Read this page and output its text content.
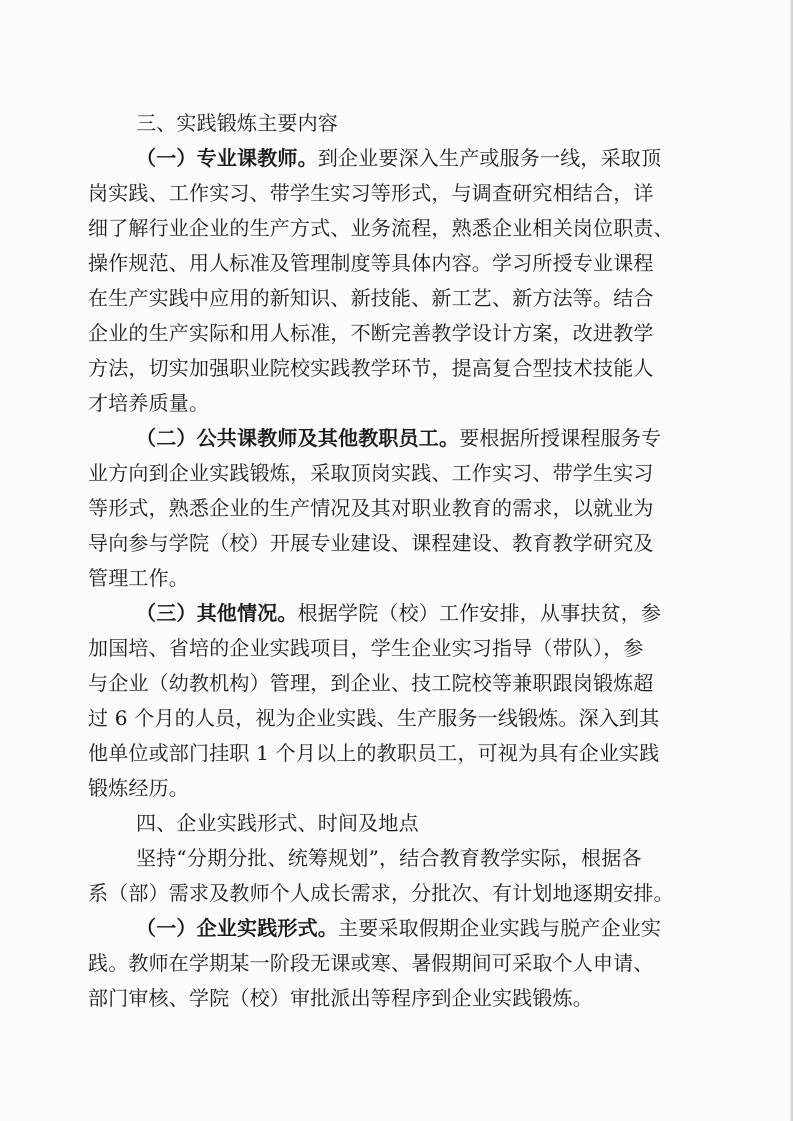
三、实践锻炼主要内容
（一）专业课教师。到企业要深入生产或服务一线，采取顶
岗实践、工作实习、带学生实习等形式，与调查研究相结合，详
细了解行业企业的生产方式、业务流程，熟悉企业相关岗位职责、
操作规范、用人标准及管理制度等具体内容。学习所授专业课程
在生产实践中应用的新知识、新技能、新工艺、新方法等。结合
企业的生产实际和用人标准，不断完善教学设计方案，改进教学
方法，切实加强职业院校实践教学环节，提高复合型技术技能人
才培养质量。
（二）公共课教师及其他教职员工。要根据所授课程服务专
业方向到企业实践锻炼，采取顶岗实践、工作实习、带学生实习
等形式，熟悉企业的生产情况及其对职业教育的需求，以就业为
导向参与学院（校）开展专业建设、课程建设、教育教学研究及
管理工作。
（三）其他情况。根据学院（校）工作安排，从事扶贫，参
加国培、省培的企业实践项目，学生企业实习指导（带队），参
与企业（幼教机构）管理，到企业、技工院校等兼职跟岗锻炼超
过 6 个月的人员，视为企业实践、生产服务一线锻炼。深入到其
他单位或部门挂职 1 个月以上的教职员工，可视为具有企业实践
锻炼经历。
四、企业实践形式、时间及地点
坚持“分期分批、统筹规划”，结合教育教学实际，根据各
系（部）需求及教师个人成长需求，分批次、有计划地逐期安排。
（一）企业实践形式。主要采取假期企业实践与脱产企业实
践。教师在学期某一阶段无课或寒、暑假期间可采取个人申请、
部门审核、学院（校）审批派出等程序到企业实践锻炼。
